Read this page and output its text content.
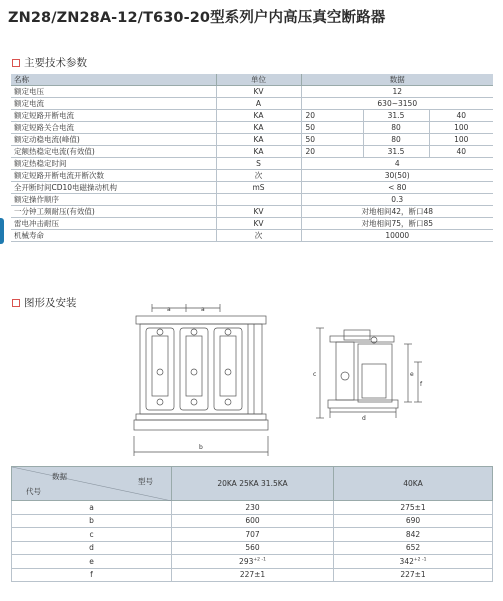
ZN28/ZN28A-12/T630-20型系列户内高压真空断路器
主要技术参数
名称	单位	数据		
额定电压	KV	12		
额定电流	A	630~3150		
额定短路开断电流	KA	20	31.5	40
额定短路关合电流	KA	50	80	100
额定动稳电流(峰值)	KA	50	80	100
定额热稳定电流(有效值)	KA	20	31.5	40
额定热稳定时间	S	4		
额定短路开断电流开断次数	次	30(50)		
全开断时间CD10电磁操动机构	mS	< 80		
额定操作顺序		0.3		
一分钟工频耐压(有效值)	KV	对地相间42，断口48		
雷电冲击耐压	KV	对地相间75，断口85		
机械寿命	次	10000		
图形及安装
a	a
b
c
d
e
f
数据
型号
代号	20KA 25KA 31.5KA	40KA
a	230	275±1
b	600	690
c	707	842
d	560	652
e	$293^{+2 -1}$	$342^{+2 -1}$
f	227±1	227±1
